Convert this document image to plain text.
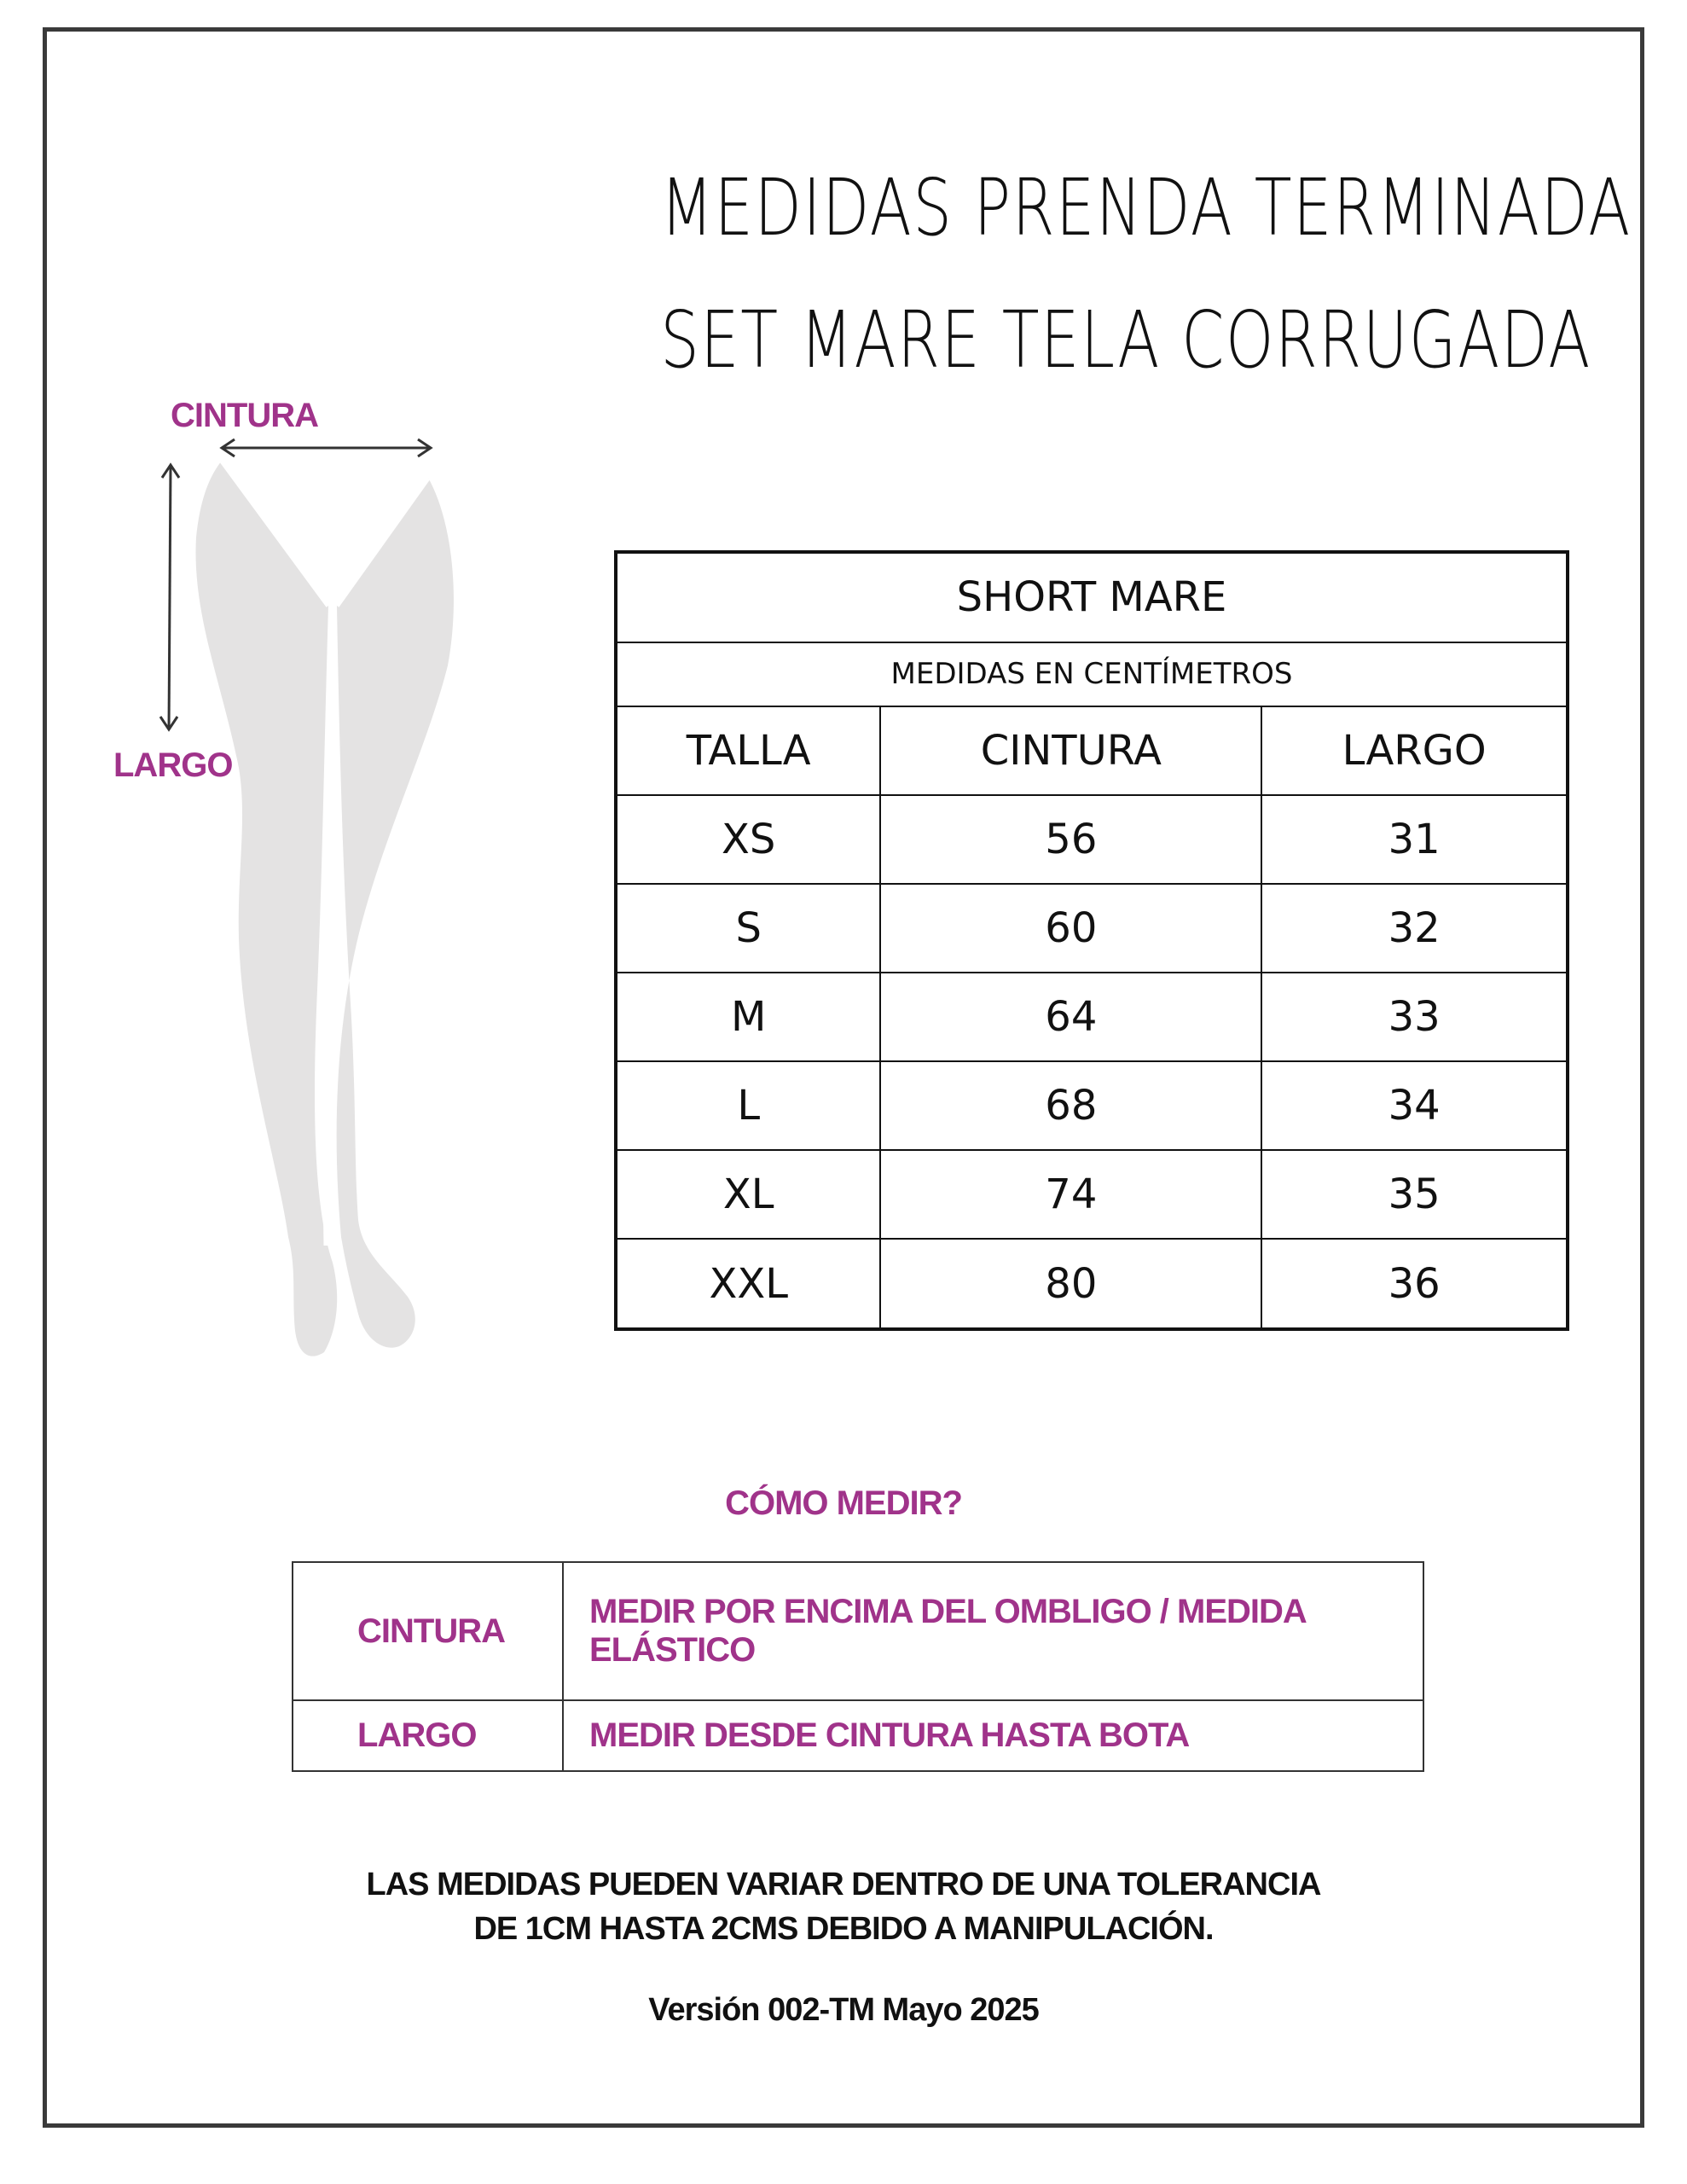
MEDIDAS PRENDA TERMINADA
SET MARE TELA CORRUGADA
CINTURA
LARGO
SHORT MARE		
MEDIDAS EN CENTÍMETROS		
TALLA	CINTURA	LARGO
XS	56	31
S	60	32
M	64	33
L	68	34
XL	74	35
XXL	80	36
CÓMO MEDIR?
CINTURA	MEDIR POR ENCIMA DEL OMBLIGO / MEDIDA ELÁSTICO
LARGO	MEDIR DESDE CINTURA HASTA BOTA
LAS MEDIDAS PUEDEN VARIAR DENTRO DE UNA TOLERANCIA
DE 1CM HASTA 2CMS DEBIDO A MANIPULACIÓN.
Versión 002-TM Mayo 2025
